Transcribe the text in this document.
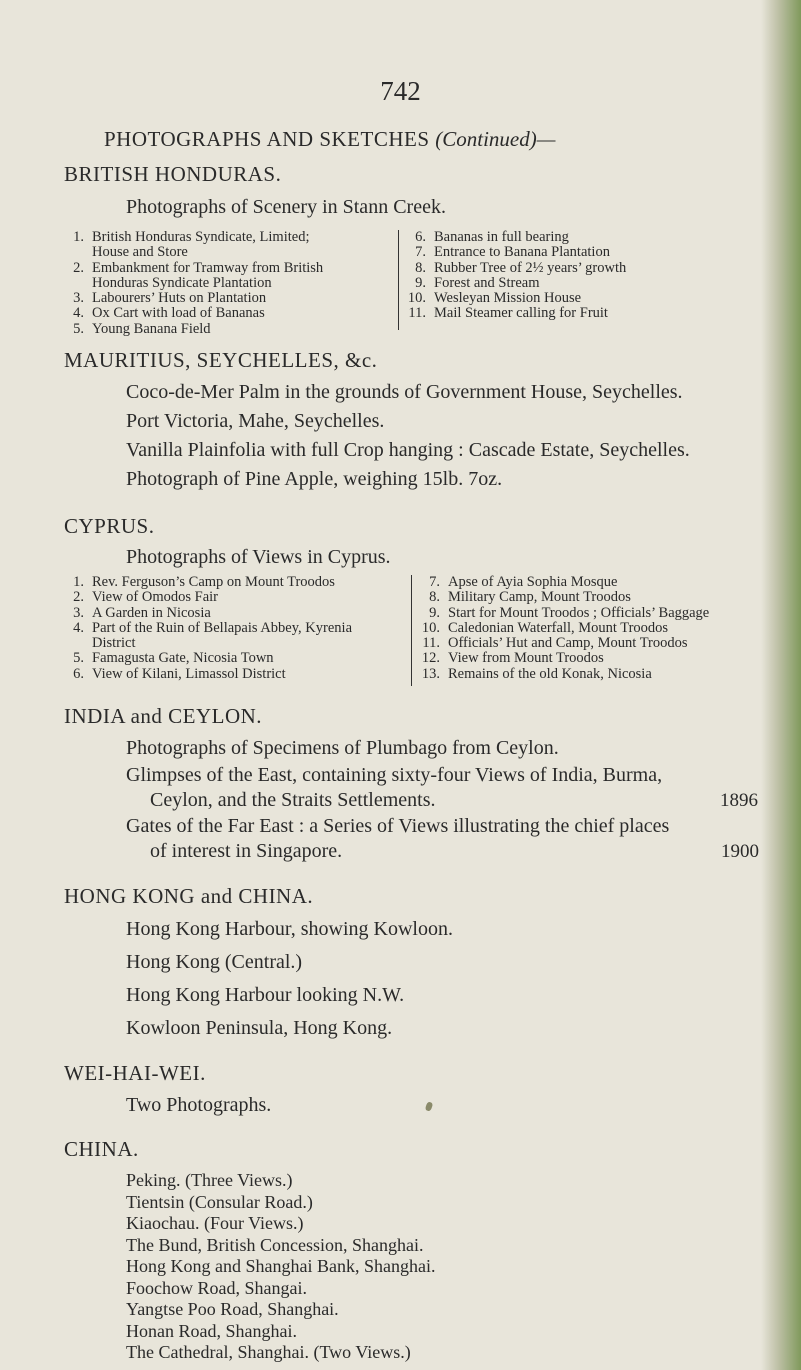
742
PHOTOGRAPHS AND SKETCHES (Continued)—
BRITISH HONDURAS.
Photographs of Scenery in Stann Creek.
1. British Honduras Syndicate, Limited;
House and Store
2. Embankment for Tramway from British
Honduras Syndicate Plantation
3. Labourers’ Huts on Plantation
4. Ox Cart with load of Bananas
5. Young Banana Field
6. Bananas in full bearing
7. Entrance to Banana Plantation
8. Rubber Tree of 2½ years’ growth
9. Forest and Stream
10. Wesleyan Mission House
11. Mail Steamer calling for Fruit
MAURITIUS, SEYCHELLES, &c.
Coco-de-Mer Palm in the grounds of Government House, Seychelles.
Port Victoria, Mahe, Seychelles.
Vanilla Plainfolia with full Crop hanging : Cascade Estate, Seychelles.
Photograph of Pine Apple, weighing 15lb. 7oz.
CYPRUS.
Photographs of Views in Cyprus.
1. Rev. Ferguson’s Camp on Mount Troodos
2. View of Omodos Fair
3. A Garden in Nicosia
4. Part of the Ruin of Bellapais Abbey, Kyrenia
District
5. Famagusta Gate, Nicosia Town
6. View of Kilani, Limassol District
7. Apse of Ayia Sophia Mosque
8. Military Camp, Mount Troodos
9. Start for Mount Troodos ; Officials’ Baggage
10. Caledonian Waterfall, Mount Troodos
11. Officials’ Hut and Camp, Mount Troodos
12. View from Mount Troodos
13. Remains of the old Konak, Nicosia
INDIA and CEYLON.
Photographs of Specimens of Plumbago from Ceylon.
Glimpses of the East, containing sixty-four Views of India, Burma,
Ceylon, and the Straits Settlements.	1896
Gates of the Far East : a Series of Views illustrating the chief places
of interest in Singapore.	1900
HONG KONG and CHINA.
Hong Kong Harbour, showing Kowloon.
Hong Kong (Central.)
Hong Kong Harbour looking N.W.
Kowloon Peninsula, Hong Kong.
WEI-HAI-WEI.
Two Photographs.
CHINA.
Peking. (Three Views.)
Tientsin (Consular Road.)
Kiaochau. (Four Views.)
The Bund, British Concession, Shanghai.
Hong Kong and Shanghai Bank, Shanghai.
Foochow Road, Shangai.
Yangtse Poo Road, Shanghai.
Honan Road, Shanghai.
The Cathedral, Shanghai. (Two Views.)
